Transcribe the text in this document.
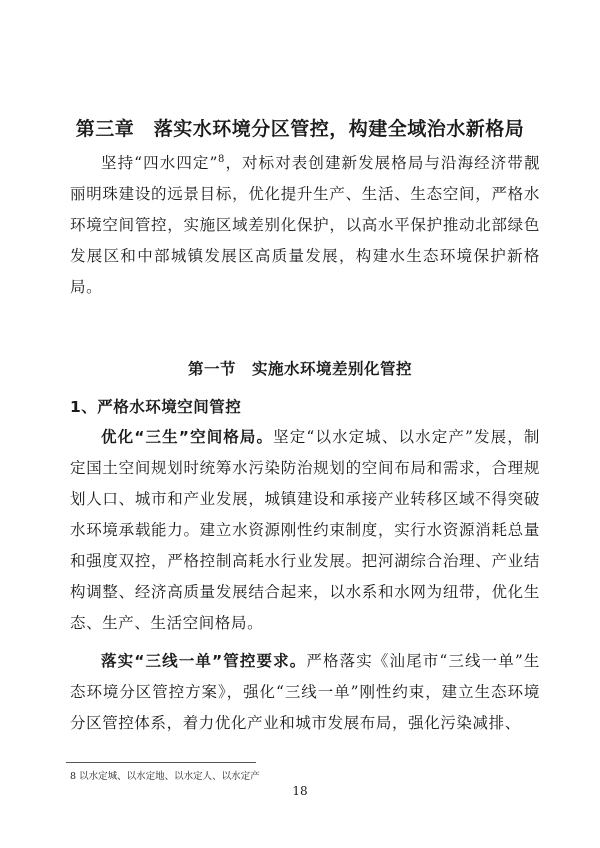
第三章　落实水环境分区管控，构建全域治水新格局

坚持“四水四定”$^8$，对标对表创建新发展格局与沿海经济带靓丽明珠建设的远景目标，优化提升生产、生活、生态空间，严格水环境空间管控，实施区域差别化保护，以高水平保护推动北部绿色发展区和中部城镇发展区高质量发展，构建水生态环境保护新格局。

第一节　实施水环境差别化管控
1、严格水环境空间管控

优化“三生”空间格局。坚定“以水定城、以水定产”发展，制定国土空间规划时统筹水污染防治规划的空间布局和需求，合理规划人口、城市和产业发展，城镇建设和承接产业转移区域不得突破水环境承载能力。建立水资源刚性约束制度，实行水资源消耗总量和强度双控，严格控制高耗水行业发展。把河湖综合治理、产业结构调整、经济高质量发展结合起来，以水系和水网为纽带，优化生态、生产、生活空间格局。

落实“三线一单”管控要求。严格落实《汕尾市“三线一单”生态环境分区管控方案》，强化“三线一单”刚性约束，建立生态环境分区管控体系，着力优化产业和城市发展布局，强化污染减排、

8 以水定城、以水定地、以水定人、以水定产

18
